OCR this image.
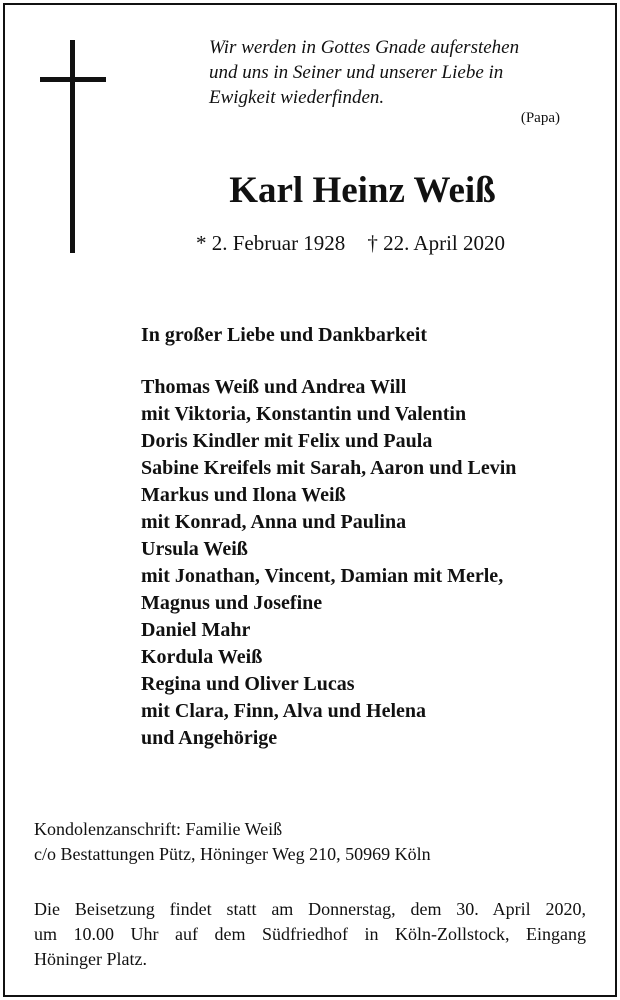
Wir werden in Gottes Gnade auferstehen
und uns in Seiner und unserer Liebe in
Ewigkeit wiederfinden.
(Papa)
Karl Heinz Weiß
* 2. Februar 1928 † 22. April 2020
In großer Liebe und Dankbarkeit
Thomas Weiß und Andrea Will
mit Viktoria, Konstantin und Valentin
Doris Kindler mit Felix und Paula
Sabine Kreifels mit Sarah, Aaron und Levin
Markus und Ilona Weiß
mit Konrad, Anna und Paulina
Ursula Weiß
mit Jonathan, Vincent, Damian mit Merle,
Magnus und Josefine
Daniel Mahr
Kordula Weiß
Regina und Oliver Lucas
mit Clara, Finn, Alva und Helena
und Angehörige
Kondolenzanschrift: Familie Weiß
c/o Bestattungen Pütz, Höninger Weg 210, 50969 Köln
Die Beisetzung findet statt am Donnerstag, dem 30. April 2020,
um 10.00 Uhr auf dem Südfriedhof in Köln-Zollstock, Eingang
Höninger Platz.
